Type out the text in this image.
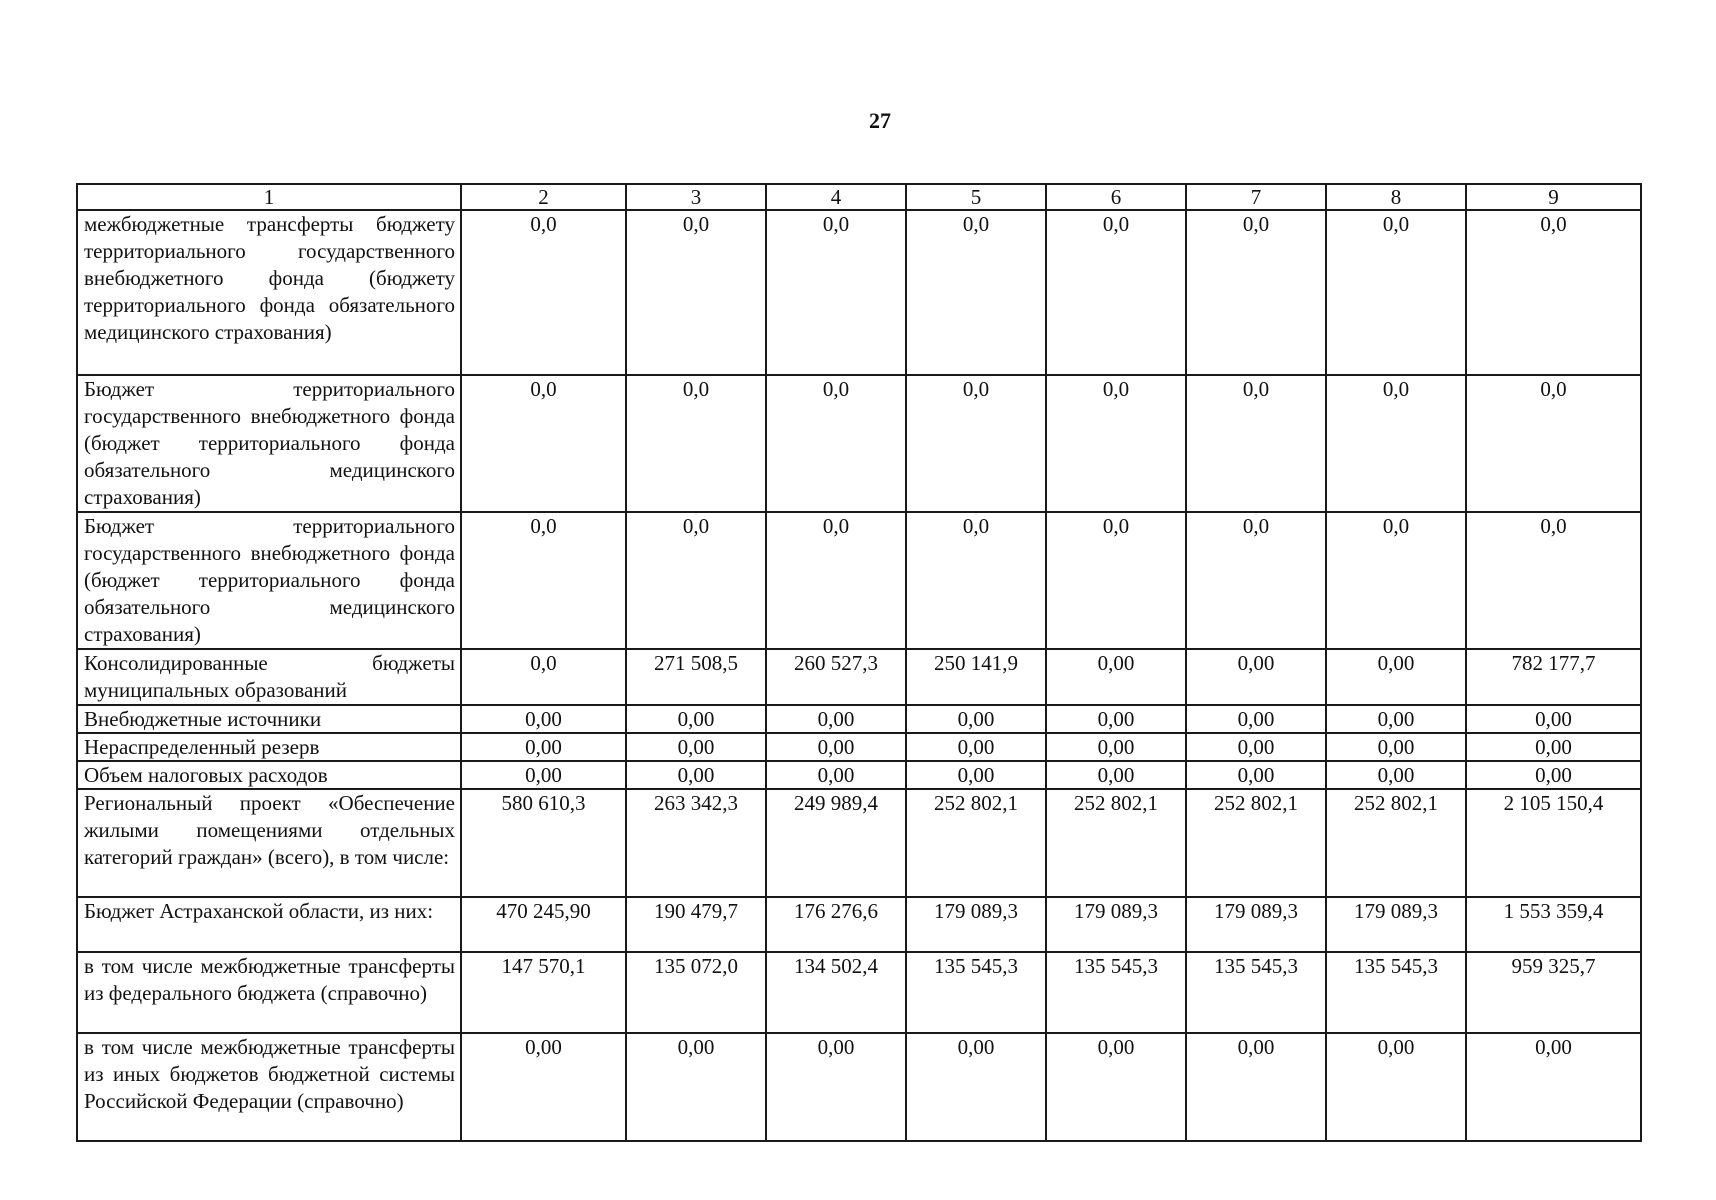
27
1	2	3	4	5	6	7	8	9
межбюджетные трансферты бюджету территориального государственного внебюджетного фонда (бюджету территориального фонда обязательного медицинского страхования)	0,0	0,0	0,0	0,0	0,0	0,0	0,0	0,0
Бюджет территориального государственного внебюджетного фонда (бюджет территориального фонда обязательного медицинского страхования)	0,0	0,0	0,0	0,0	0,0	0,0	0,0	0,0
Бюджет территориального государственного внебюджетного фонда (бюджет территориального фонда обязательного медицинского страхования)	0,0	0,0	0,0	0,0	0,0	0,0	0,0	0,0
Консолидированные бюджеты муниципальных образований	0,0	271 508,5	260 527,3	250 141,9	0,00	0,00	0,00	782 177,7
Внебюджетные источники	0,00	0,00	0,00	0,00	0,00	0,00	0,00	0,00
Нераспределенный резерв	0,00	0,00	0,00	0,00	0,00	0,00	0,00	0,00
Объем налоговых расходов	0,00	0,00	0,00	0,00	0,00	0,00	0,00	0,00
Региональный проект «Обеспечение жилыми помещениями отдельных категорий граждан» (всего), в том числе:	580 610,3	263 342,3	249 989,4	252 802,1	252 802,1	252 802,1	252 802,1	2 105 150,4
Бюджет Астраханской области, из них:	470 245,90	190 479,7	176 276,6	179 089,3	179 089,3	179 089,3	179 089,3	1 553 359,4
в том числе межбюджетные трансферты из федерального бюджета (справочно)	147 570,1	135 072,0	134 502,4	135 545,3	135 545,3	135 545,3	135 545,3	959 325,7
в том числе межбюджетные трансферты из иных бюджетов бюджетной системы Российской Федерации (справочно)	0,00	0,00	0,00	0,00	0,00	0,00	0,00	0,00
